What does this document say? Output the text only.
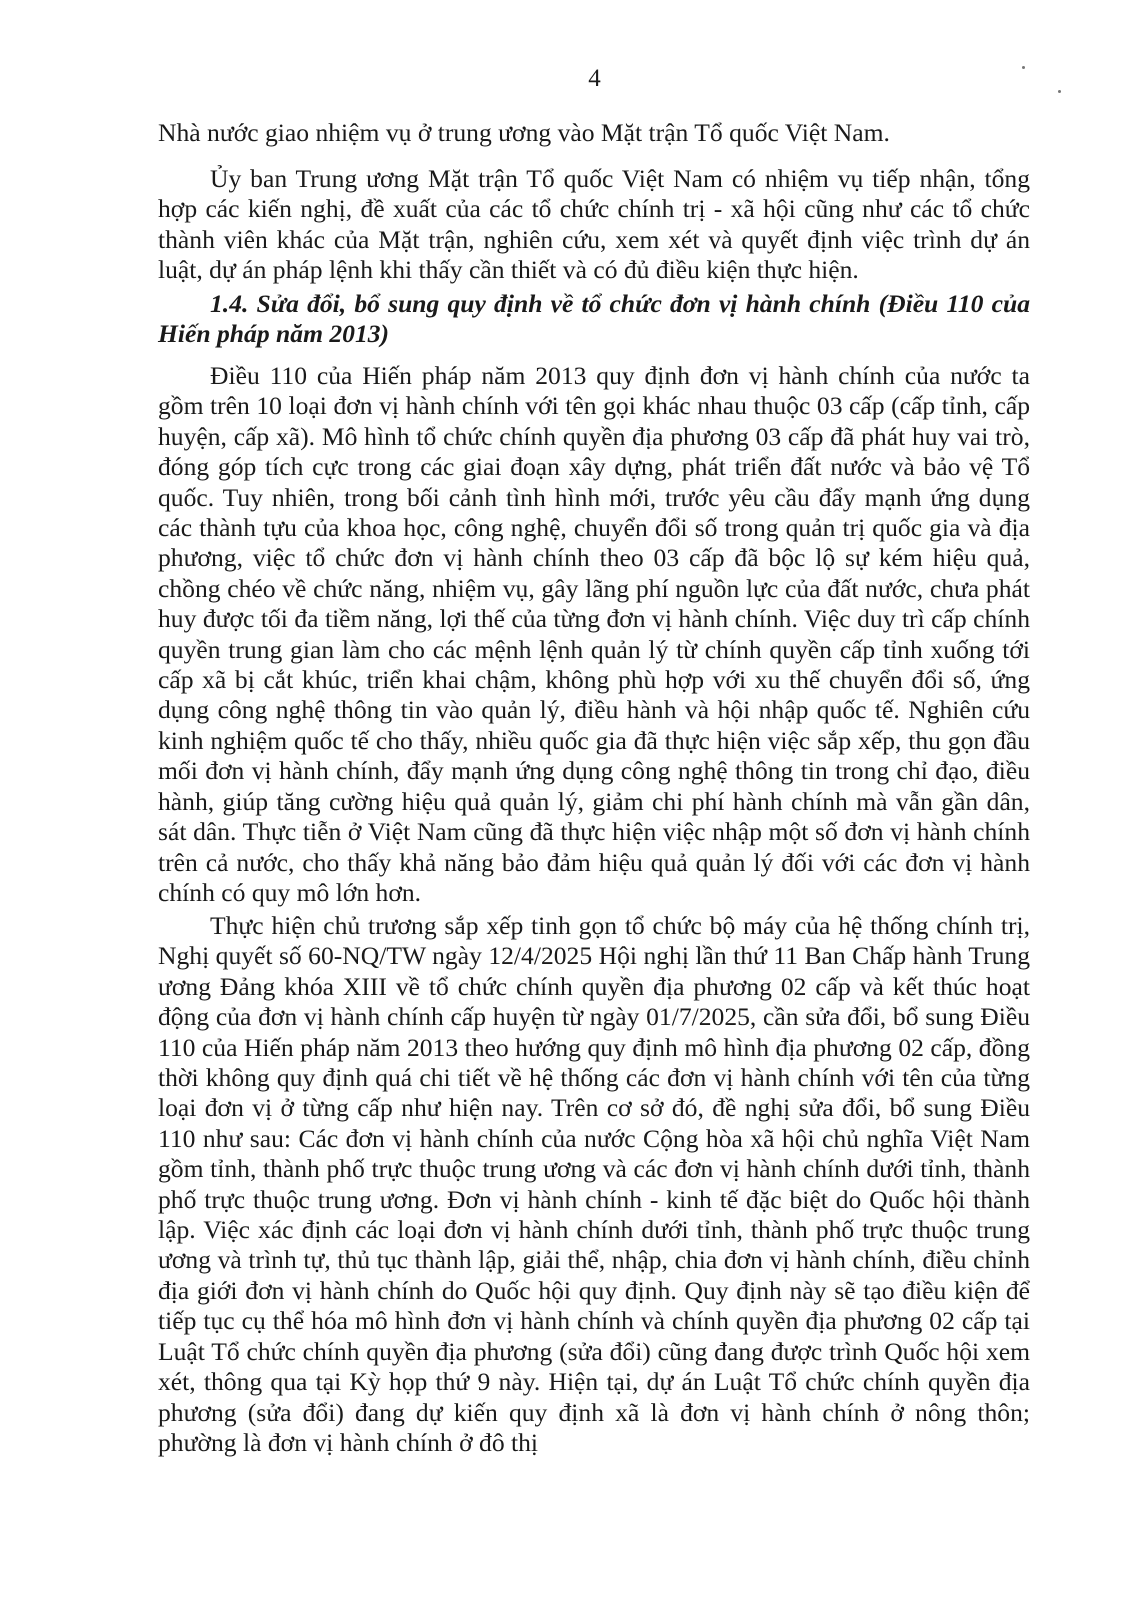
4

Nhà nước giao nhiệm vụ ở trung ương vào Mặt trận Tổ quốc Việt Nam.

Ủy ban Trung ương Mặt trận Tổ quốc Việt Nam có nhiệm vụ tiếp nhận, tổng hợp các kiến nghị, đề xuất của các tổ chức chính trị - xã hội cũng như các tổ chức thành viên khác của Mặt trận, nghiên cứu, xem xét và quyết định việc trình dự án luật, dự án pháp lệnh khi thấy cần thiết và có đủ điều kiện thực hiện.

1.4. Sửa đổi, bổ sung quy định về tổ chức đơn vị hành chính (Điều 110 của Hiến pháp năm 2013)

Điều 110 của Hiến pháp năm 2013 quy định đơn vị hành chính của nước ta gồm trên 10 loại đơn vị hành chính với tên gọi khác nhau thuộc 03 cấp (cấp tỉnh, cấp huyện, cấp xã). Mô hình tổ chức chính quyền địa phương 03 cấp đã phát huy vai trò, đóng góp tích cực trong các giai đoạn xây dựng, phát triển đất nước và bảo vệ Tổ quốc. Tuy nhiên, trong bối cảnh tình hình mới, trước yêu cầu đẩy mạnh ứng dụng các thành tựu của khoa học, công nghệ, chuyển đổi số trong quản trị quốc gia và địa phương, việc tổ chức đơn vị hành chính theo 03 cấp đã bộc lộ sự kém hiệu quả, chồng chéo về chức năng, nhiệm vụ, gây lãng phí nguồn lực của đất nước, chưa phát huy được tối đa tiềm năng, lợi thế của từng đơn vị hành chính. Việc duy trì cấp chính quyền trung gian làm cho các mệnh lệnh quản lý từ chính quyền cấp tỉnh xuống tới cấp xã bị cắt khúc, triển khai chậm, không phù hợp với xu thế chuyển đổi số, ứng dụng công nghệ thông tin vào quản lý, điều hành và hội nhập quốc tế. Nghiên cứu kinh nghiệm quốc tế cho thấy, nhiều quốc gia đã thực hiện việc sắp xếp, thu gọn đầu mối đơn vị hành chính, đẩy mạnh ứng dụng công nghệ thông tin trong chỉ đạo, điều hành, giúp tăng cường hiệu quả quản lý, giảm chi phí hành chính mà vẫn gần dân, sát dân. Thực tiễn ở Việt Nam cũng đã thực hiện việc nhập một số đơn vị hành chính trên cả nước, cho thấy khả năng bảo đảm hiệu quả quản lý đối với các đơn vị hành chính có quy mô lớn hơn.

Thực hiện chủ trương sắp xếp tinh gọn tổ chức bộ máy của hệ thống chính trị, Nghị quyết số 60-NQ/TW ngày 12/4/2025 Hội nghị lần thứ 11 Ban Chấp hành Trung ương Đảng khóa XIII về tổ chức chính quyền địa phương 02 cấp và kết thúc hoạt động của đơn vị hành chính cấp huyện từ ngày 01/7/2025, cần sửa đổi, bổ sung Điều 110 của Hiến pháp năm 2013 theo hướng quy định mô hình địa phương 02 cấp, đồng thời không quy định quá chi tiết về hệ thống các đơn vị hành chính với tên của từng loại đơn vị ở từng cấp như hiện nay. Trên cơ sở đó, đề nghị sửa đổi, bổ sung Điều 110 như sau: Các đơn vị hành chính của nước Cộng hòa xã hội chủ nghĩa Việt Nam gồm tỉnh, thành phố trực thuộc trung ương và các đơn vị hành chính dưới tỉnh, thành phố trực thuộc trung ương. Đơn vị hành chính - kinh tế đặc biệt do Quốc hội thành lập. Việc xác định các loại đơn vị hành chính dưới tỉnh, thành phố trực thuộc trung ương và trình tự, thủ tục thành lập, giải thể, nhập, chia đơn vị hành chính, điều chỉnh địa giới đơn vị hành chính do Quốc hội quy định. Quy định này sẽ tạo điều kiện để tiếp tục cụ thể hóa mô hình đơn vị hành chính và chính quyền địa phương 02 cấp tại Luật Tổ chức chính quyền địa phương (sửa đổi) cũng đang được trình Quốc hội xem xét, thông qua tại Kỳ họp thứ 9 này. Hiện tại, dự án Luật Tổ chức chính quyền địa phương (sửa đổi) đang dự kiến quy định xã là đơn vị hành chính ở nông thôn; phường là đơn vị hành chính ở đô thị
